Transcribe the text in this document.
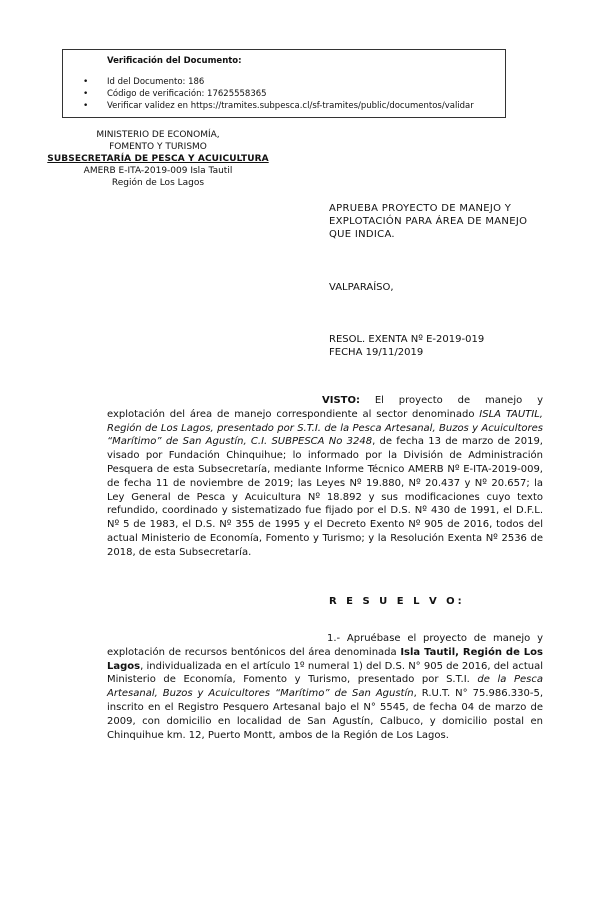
Verificación del Documento:
• Id del Documento: 186
• Código de verificación: 17625558365
• Verificar validez en https://tramites.subpesca.cl/sf-tramites/public/documentos/validar
MINISTERIO DE ECONOMÍA,
FOMENTO Y TURISMO
SUBSECRETARÍA DE PESCA Y ACUICULTURA
AMERB E-ITA-2019-009 Isla Tautil
Región de Los Lagos
APRUEBA PROYECTO DE MANEJO Y
EXPLOTACIÓN PARA ÁREA DE MANEJO
QUE INDICA.
VALPARAÍSO,
RESOL. EXENTA Nº E-2019-019
FECHA 19/11/2019
VISTO: El proyecto de manejo y explotación del área de manejo correspondiente al sector denominado ISLA TAUTIL, Región de Los Lagos, presentado por S.T.I. de la Pesca Artesanal, Buzos y Acuicultores “Marítimo” de San Agustín, C.I. SUBPESCA No 3248, de fecha 13 de marzo de 2019, visado por Fundación Chinquihue; lo informado por la División de Administración Pesquera de esta Subsecretaría, mediante Informe Técnico AMERB Nº E-ITA-2019-009, de fecha 11 de noviembre de 2019; las Leyes Nº 19.880, Nº 20.437 y Nº 20.657; la Ley General de Pesca y Acuicultura Nº 18.892 y sus modificaciones cuyo texto refundido, coordinado y sistematizado fue fijado por el D.S. Nº 430 de 1991, el D.F.L. Nº 5 de 1983, el D.S. Nº 355 de 1995 y el Decreto Exento Nº 905 de 2016, todos del actual Ministerio de Economía, Fomento y Turismo; y la Resolución Exenta Nº 2536 de 2018, de esta Subsecretaría.
R E S U E L V O:
1.- Apruébase el proyecto de manejo y explotación de recursos bentónicos del área denominada Isla Tautil, Región de Los Lagos, individualizada en el artículo 1º numeral 1) del D.S. N° 905 de 2016, del actual Ministerio de Economía, Fomento y Turismo, presentado por S.T.I. de la Pesca Artesanal, Buzos y Acuicultores “Marítimo” de San Agustín, R.U.T. N° 75.986.330-5, inscrito en el Registro Pesquero Artesanal bajo el N° 5545, de fecha 04 de marzo de 2009, con domicilio en localidad de San Agustín, Calbuco, y domicilio postal en Chinquihue km. 12, Puerto Montt, ambos de la Región de Los Lagos.
